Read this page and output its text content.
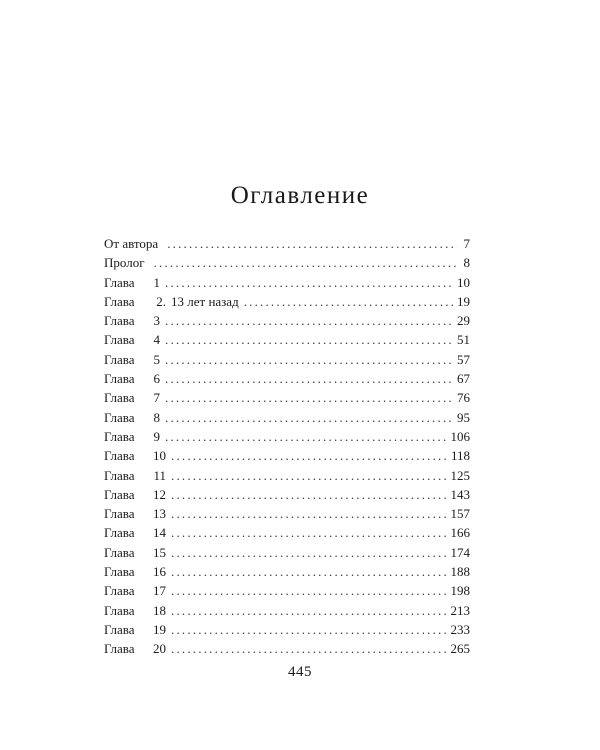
Оглавление
От автора .....	7
Пролог .....	8
Глава	1 .....	10
Глава	2. 13 лет назад .....	19
Глава	3 .....	29
Глава	4 .....	51
Глава	5 .....	57
Глава	6 .....	67
Глава	7 .....	76
Глава	8 .....	95
Глава	9 .....	106
Глава	10 .....	118
Глава	11 .....	125
Глава	12 .....	143
Глава	13 .....	157
Глава	14 .....	166
Глава	15 .....	174
Глава	16 .....	188
Глава	17 .....	198
Глава	18 .....	213
Глава	19 .....	233
Глава	20 .....	265
445
